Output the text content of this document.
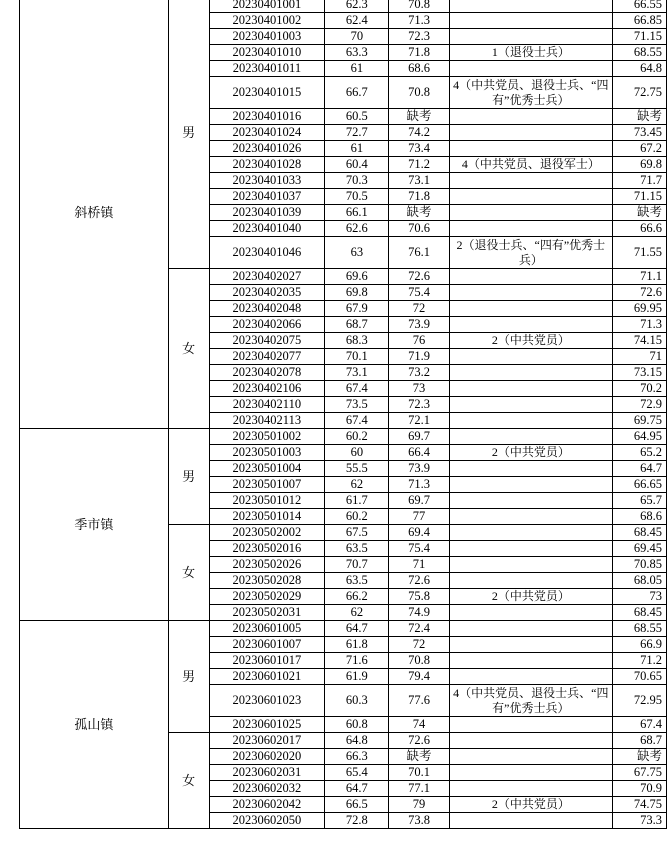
斜桥镇	男	20230401001	62.3	70.8		66.55
		20230401002	62.4	71.3		66.85
		20230401003	70	72.3		71.15
		20230401010	63.3	71.8	1（退役士兵）	68.55
		20230401011	61	68.6		64.8
		20230401015	66.7	70.8	4（中共党员、退役士兵、“四有”优秀士兵）	72.75
		20230401016	60.5	缺考		缺考
		20230401024	72.7	74.2		73.45
		20230401026	61	73.4		67.2
		20230401028	60.4	71.2	4（中共党员、退役军士）	69.8
		20230401033	70.3	73.1		71.7
		20230401037	70.5	71.8		71.15
		20230401039	66.1	缺考		缺考
		20230401040	62.6	70.6		66.6
		20230401046	63	76.1	2（退役士兵、“四有”优秀士兵）	71.55
	女	20230402027	69.6	72.6		71.1
		20230402035	69.8	75.4		72.6
		20230402048	67.9	72		69.95
		20230402066	68.7	73.9		71.3
		20230402075	68.3	76	2（中共党员）	74.15
		20230402077	70.1	71.9		71
		20230402078	73.1	73.2		73.15
		20230402106	67.4	73		70.2
		20230402110	73.5	72.3		72.9
		20230402113	67.4	72.1		69.75
季市镇	男	20230501002	60.2	69.7		64.95
		20230501003	60	66.4	2（中共党员）	65.2
		20230501004	55.5	73.9		64.7
		20230501007	62	71.3		66.65
		20230501012	61.7	69.7		65.7
		20230501014	60.2	77		68.6
	女	20230502002	67.5	69.4		68.45
		20230502016	63.5	75.4		69.45
		20230502026	70.7	71		70.85
		20230502028	63.5	72.6		68.05
		20230502029	66.2	75.8	2（中共党员）	73
		20230502031	62	74.9		68.45
孤山镇	男	20230601005	64.7	72.4		68.55
		20230601007	61.8	72		66.9
		20230601017	71.6	70.8		71.2
		20230601021	61.9	79.4		70.65
		20230601023	60.3	77.6	4（中共党员、退役士兵、“四有”优秀士兵）	72.95
		20230601025	60.8	74		67.4
	女	20230602017	64.8	72.6		68.7
		20230602020	66.3	缺考		缺考
		20230602031	65.4	70.1		67.75
		20230602032	64.7	77.1		70.9
		20230602042	66.5	79	2（中共党员）	74.75
		20230602050	72.8	73.8		73.3
